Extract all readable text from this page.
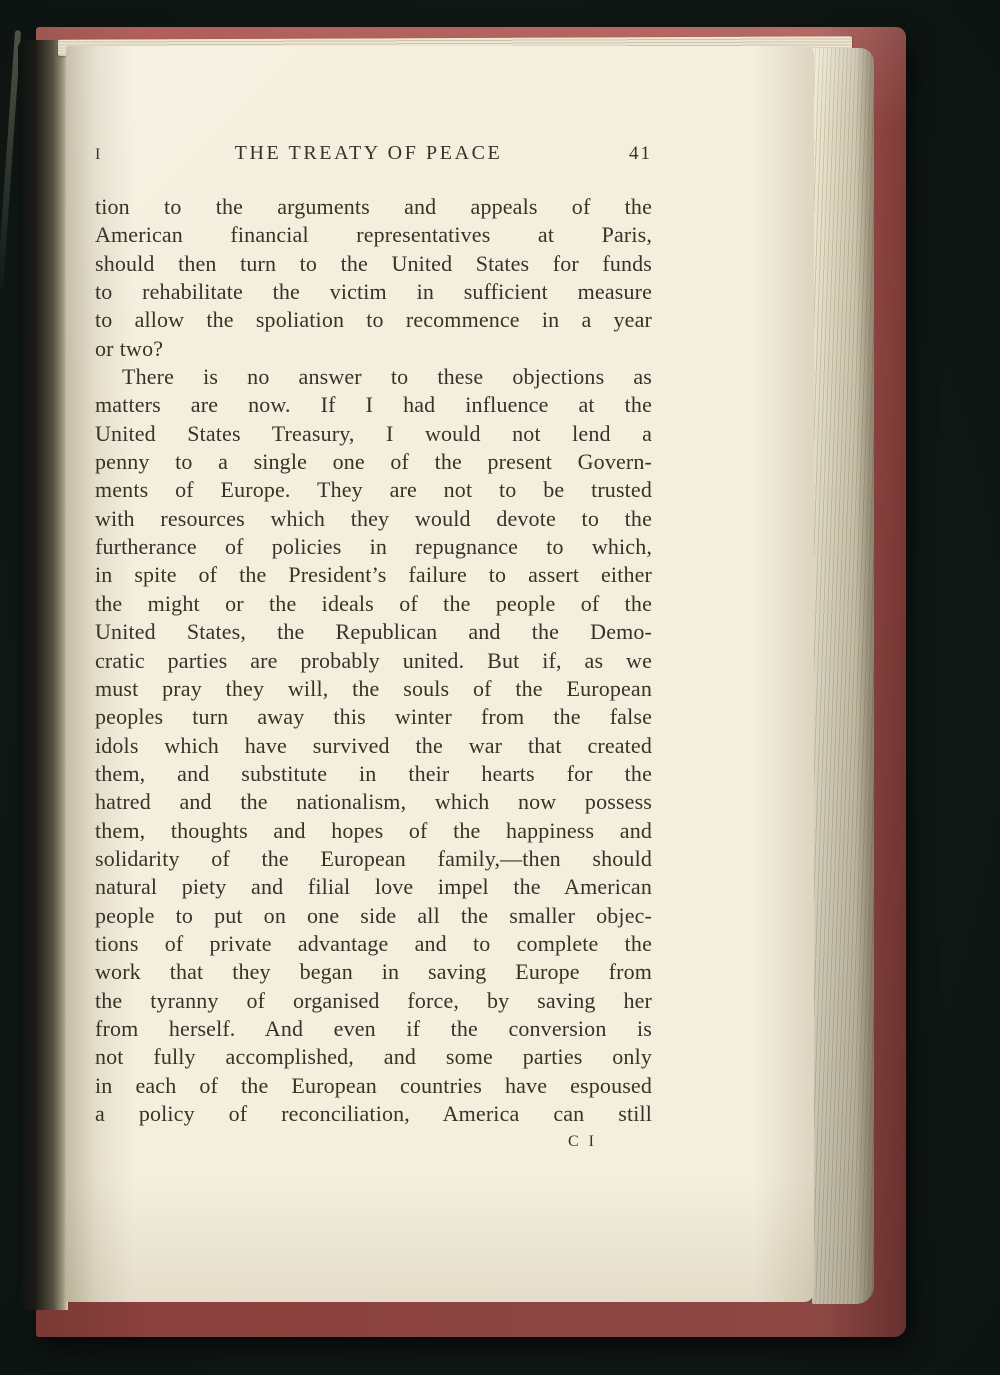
I	THE TREATY OF PEACE	41
tion to the arguments and appeals of the
American financial representatives at Paris,
should then turn to the United States for funds
to rehabilitate the victim in sufficient measure
to allow the spoliation to recommence in a year
or two?
There is no answer to these objections as
matters are now. If I had influence at the
United States Treasury, I would not lend a
penny to a single one of the present Govern-
ments of Europe. They are not to be trusted
with resources which they would devote to the
furtherance of policies in repugnance to which,
in spite of the President’s failure to assert either
the might or the ideals of the people of the
United States, the Republican and the Demo-
cratic parties are probably united. But if, as we
must pray they will, the souls of the European
peoples turn away this winter from the false
idols which have survived the war that created
them, and substitute in their hearts for the
hatred and the nationalism, which now possess
them, thoughts and hopes of the happiness and
solidarity of the European family,—then should
natural piety and filial love impel the American
people to put on one side all the smaller objec-
tions of private advantage and to complete the
work that they began in saving Europe from
the tyranny of organised force, by saving her
from herself. And even if the conversion is
not fully accomplished, and some parties only
in each of the European countries have espoused
a policy of reconciliation, America can still
C I
